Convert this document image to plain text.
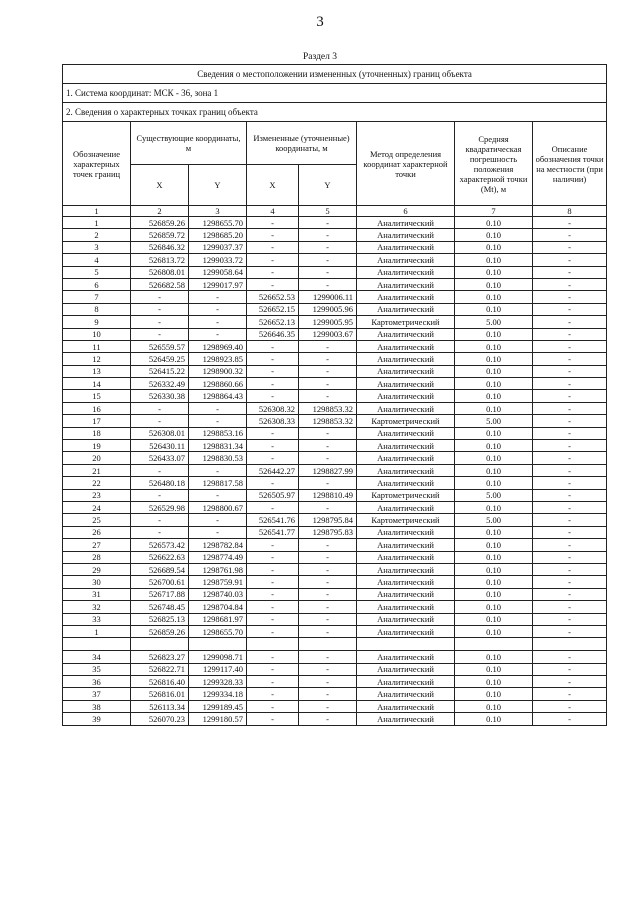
3
Раздел 3
Сведения о местоположении измененных (уточненных) границ объекта							
1. Система координат: МСК - 36, зона 1							
2. Сведения о характерных точках границ объекта							
Обозначение характерных точек границ	Существующие координаты, м		Измененные (уточненные) координаты, м		Метод определения координат характерной точки	Средняя квадратическая погрешность положения характерной точки (Mt), м	Описание обозначения точки на местности (при наличии)
	X	Y	X	Y			
1	2	3	4	5	6	7	8
1	526859.26	1298655.70	-	-	Аналитический	0.10	-
2	526859.72	1298685.20	-	-	Аналитический	0.10	-
3	526846.32	1299037.37	-	-	Аналитический	0.10	-
4	526813.72	1299033.72	-	-	Аналитический	0.10	-
5	526808.01	1299058.64	-	-	Аналитический	0.10	-
6	526682.58	1299017.97	-	-	Аналитический	0.10	-
7	-	-	526652.53	1299006.11	Аналитический	0.10	-
8	-	-	526652.15	1299005.96	Аналитический	0.10	-
9	-	-	526652.13	1299005.95	Картометрический	5.00	-
10	-	-	526646.35	1299003.67	Аналитический	0.10	-
11	526559.57	1298969.40	-	-	Аналитический	0.10	-
12	526459.25	1298923.85	-	-	Аналитический	0.10	-
13	526415.22	1298900.32	-	-	Аналитический	0.10	-
14	526332.49	1298860.66	-	-	Аналитический	0.10	-
15	526330.38	1298864.43	-	-	Аналитический	0.10	-
16	-	-	526308.32	1298853.32	Аналитический	0.10	-
17	-	-	526308.33	1298853.32	Картометрический	5.00	-
18	526308.01	1298853.16	-	-	Аналитический	0.10	-
19	526430.11	1298831.34	-	-	Аналитический	0.10	-
20	526433.07	1298830.53	-	-	Аналитический	0.10	-
21	-	-	526442.27	1298827.99	Аналитический	0.10	-
22	526480.18	1298817.58	-	-	Аналитический	0.10	-
23	-	-	526505.97	1298810.49	Картометрический	5.00	-
24	526529.98	1298800.67	-	-	Аналитический	0.10	-
25	-	-	526541.76	1298795.84	Картометрический	5.00	-
26	-	-	526541.77	1298795.83	Аналитический	0.10	-
27	526573.42	1298782.84	-	-	Аналитический	0.10	-
28	526622.63	1298774.49	-	-	Аналитический	0.10	-
29	526689.54	1298761.98	-	-	Аналитический	0.10	-
30	526700.61	1298759.91	-	-	Аналитический	0.10	-
31	526717.88	1298740.03	-	-	Аналитический	0.10	-
32	526748.45	1298704.84	-	-	Аналитический	0.10	-
33	526825.13	1298681.97	-	-	Аналитический	0.10	-
1	526859.26	1298655.70	-	-	Аналитический	0.10	-

34	526823.27	1299098.71	-	-	Аналитический	0.10	-
35	526822.71	1299117.40	-	-	Аналитический	0.10	-
36	526816.40	1299328.33	-	-	Аналитический	0.10	-
37	526816.01	1299334.18	-	-	Аналитический	0.10	-
38	526113.34	1299189.45	-	-	Аналитический	0.10	-
39	526070.23	1299180.57	-	-	Аналитический	0.10	-
